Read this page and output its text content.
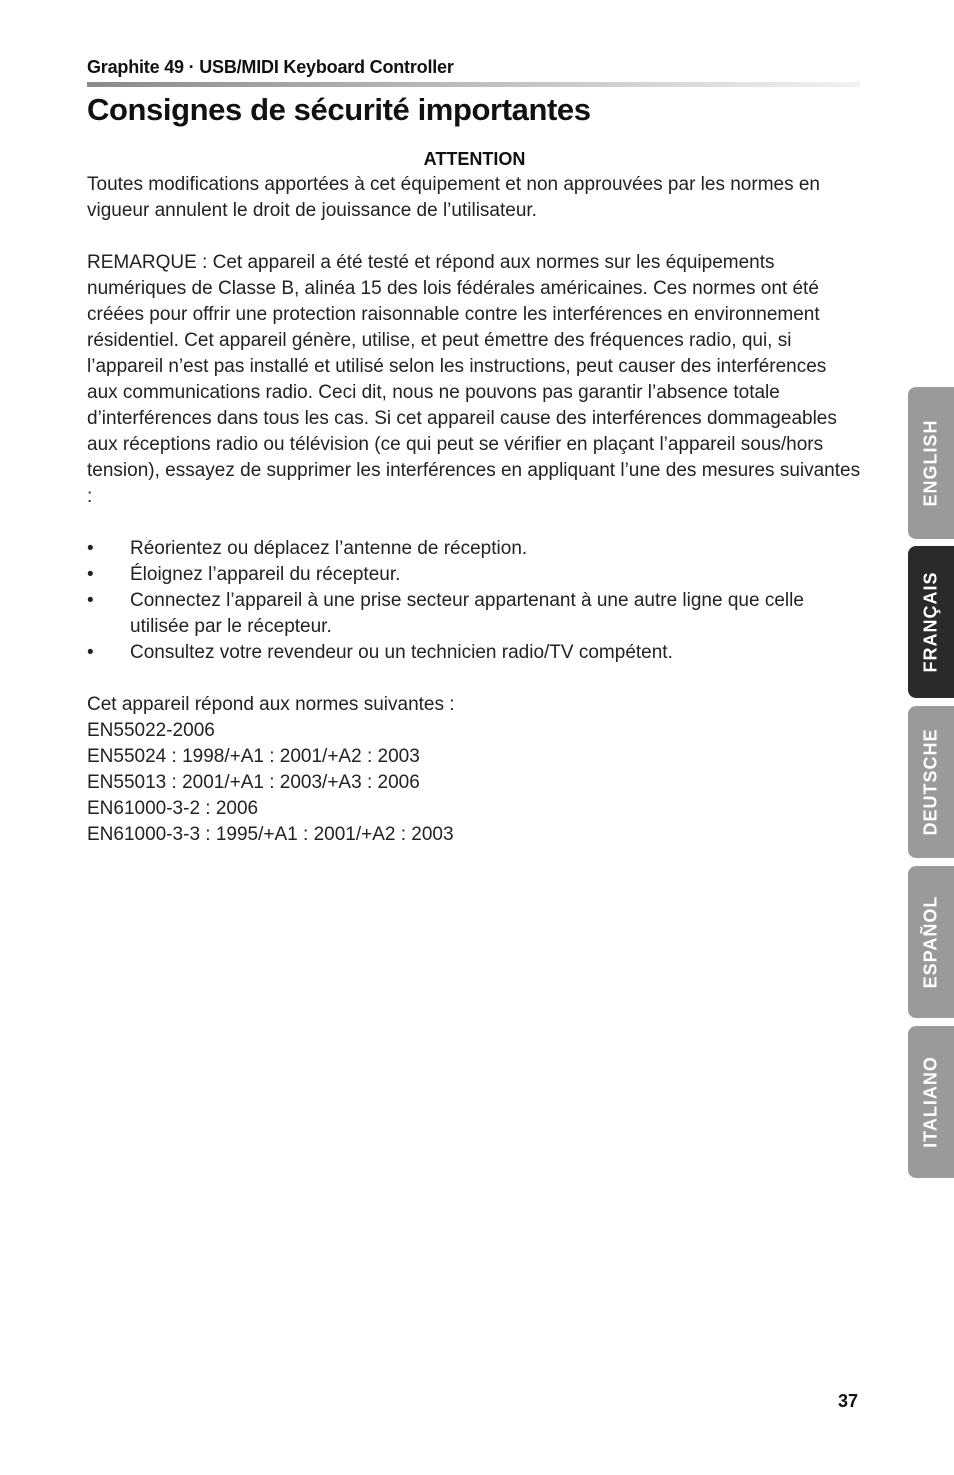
Graphite 49 · USB/MIDI Keyboard Controller
Consignes de sécurité importantes
ATTENTION

Toutes modifications apportées à cet équipement et non approuvées par les normes en vigueur annulent le droit de jouissance de l’utilisateur.

REMARQUE : Cet appareil a été testé et répond aux normes sur les équipements numériques de Classe B, alinéa 15 des lois fédérales américaines. Ces normes ont été créées pour offrir une protection raisonnable contre les interférences en environnement résidentiel. Cet appareil génère, utilise, et peut émettre des fréquences radio, qui, si l’appareil n’est pas installé et utilisé selon les instructions, peut causer des interférences aux communications radio. Ceci dit, nous ne pouvons pas garantir l’absence totale d’interférences dans tous les cas. Si cet appareil cause des interférences dommageables aux réceptions radio ou télévision (ce qui peut se vérifier en plaçant l’appareil sous/hors tension), essayez de supprimer les interférences en appliquant l’une des mesures suivantes :

• Réorientez ou déplacez l’antenne de réception.
• Éloignez l’appareil du récepteur.
• Connectez l’appareil à une prise secteur appartenant à une autre ligne que celle utilisée par le récepteur.
• Consultez votre revendeur ou un technicien radio/TV compétent.
Cet appareil répond aux normes suivantes :
EN55022-2006
EN55024 : 1998/+A1 : 2001/+A2 : 2003
EN55013 : 2001/+A1 : 2003/+A3 : 2006
EN61000-3-2 : 2006
EN61000-3-3 : 1995/+A1 : 2001/+A2 : 2003
ENGLISH
FRANÇAIS
DEUTSCHE
ESPAÑOL
ITALIANO
37
